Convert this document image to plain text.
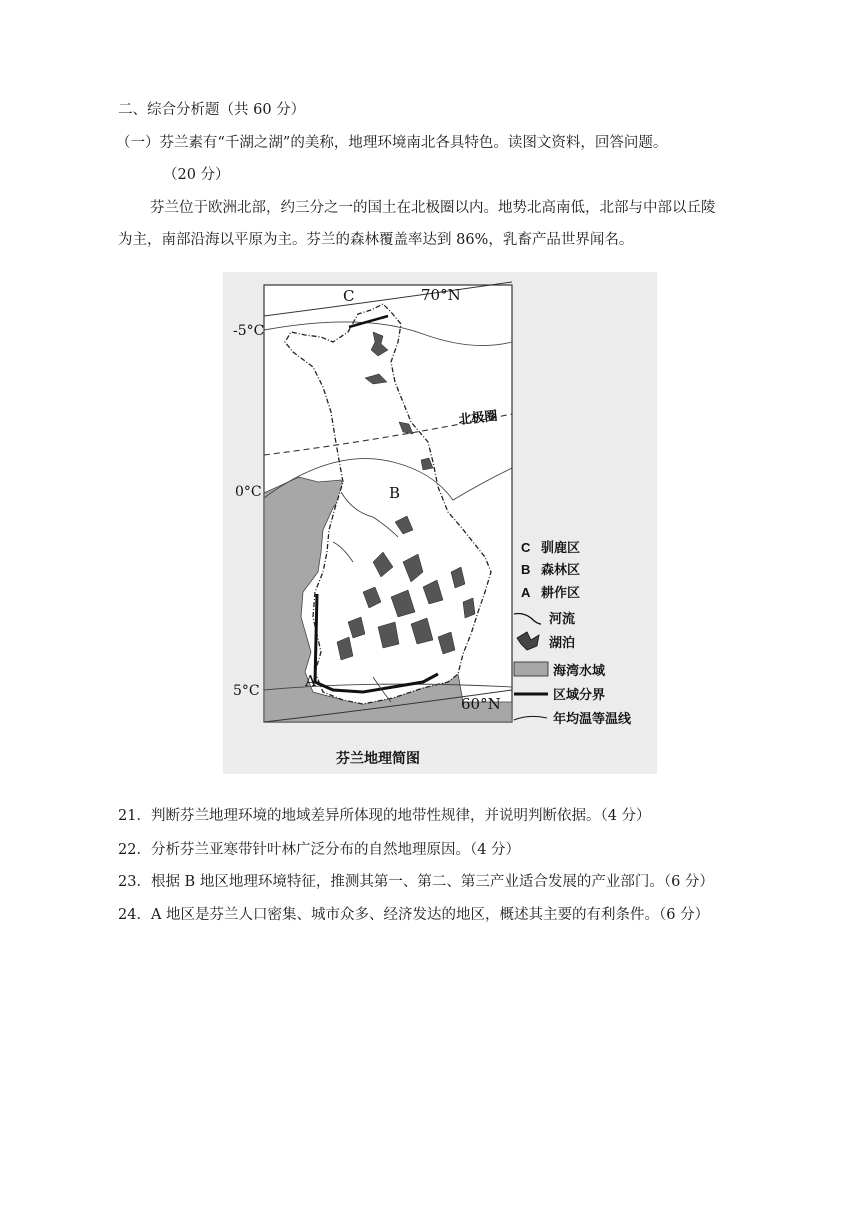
二、综合分析题（共 60 分）
（一）芬兰素有“千湖之湖”的美称，地理环境南北各具特色。读图文资料，回答问题。
（20 分）
芬兰位于欧洲北部，约三分之一的国土在北极圈以内。地势北高南低，北部与中部以丘陵
为主，南部沿海以平原为主。芬兰的森林覆盖率达到 86%，乳畜产品世界闻名。
C	70°N
-5°C
北极圈
0°C	B
A
5°C
60°N
C 驯鹿区
B 森林区
A 耕作区
河流
湖泊
海湾水域
区域分界
年均温等温线
芬兰地理简图
21．判断芬兰地理环境的地域差异所体现的地带性规律，并说明判断依据。（4 分）
22．分析芬兰亚寒带针叶林广泛分布的自然地理原因。（4 分）
23．根据 B 地区地理环境特征，推测其第一、第二、第三产业适合发展的产业部门。（6 分）
24．A 地区是芬兰人口密集、城市众多、经济发达的地区，概述其主要的有利条件。（6 分）
